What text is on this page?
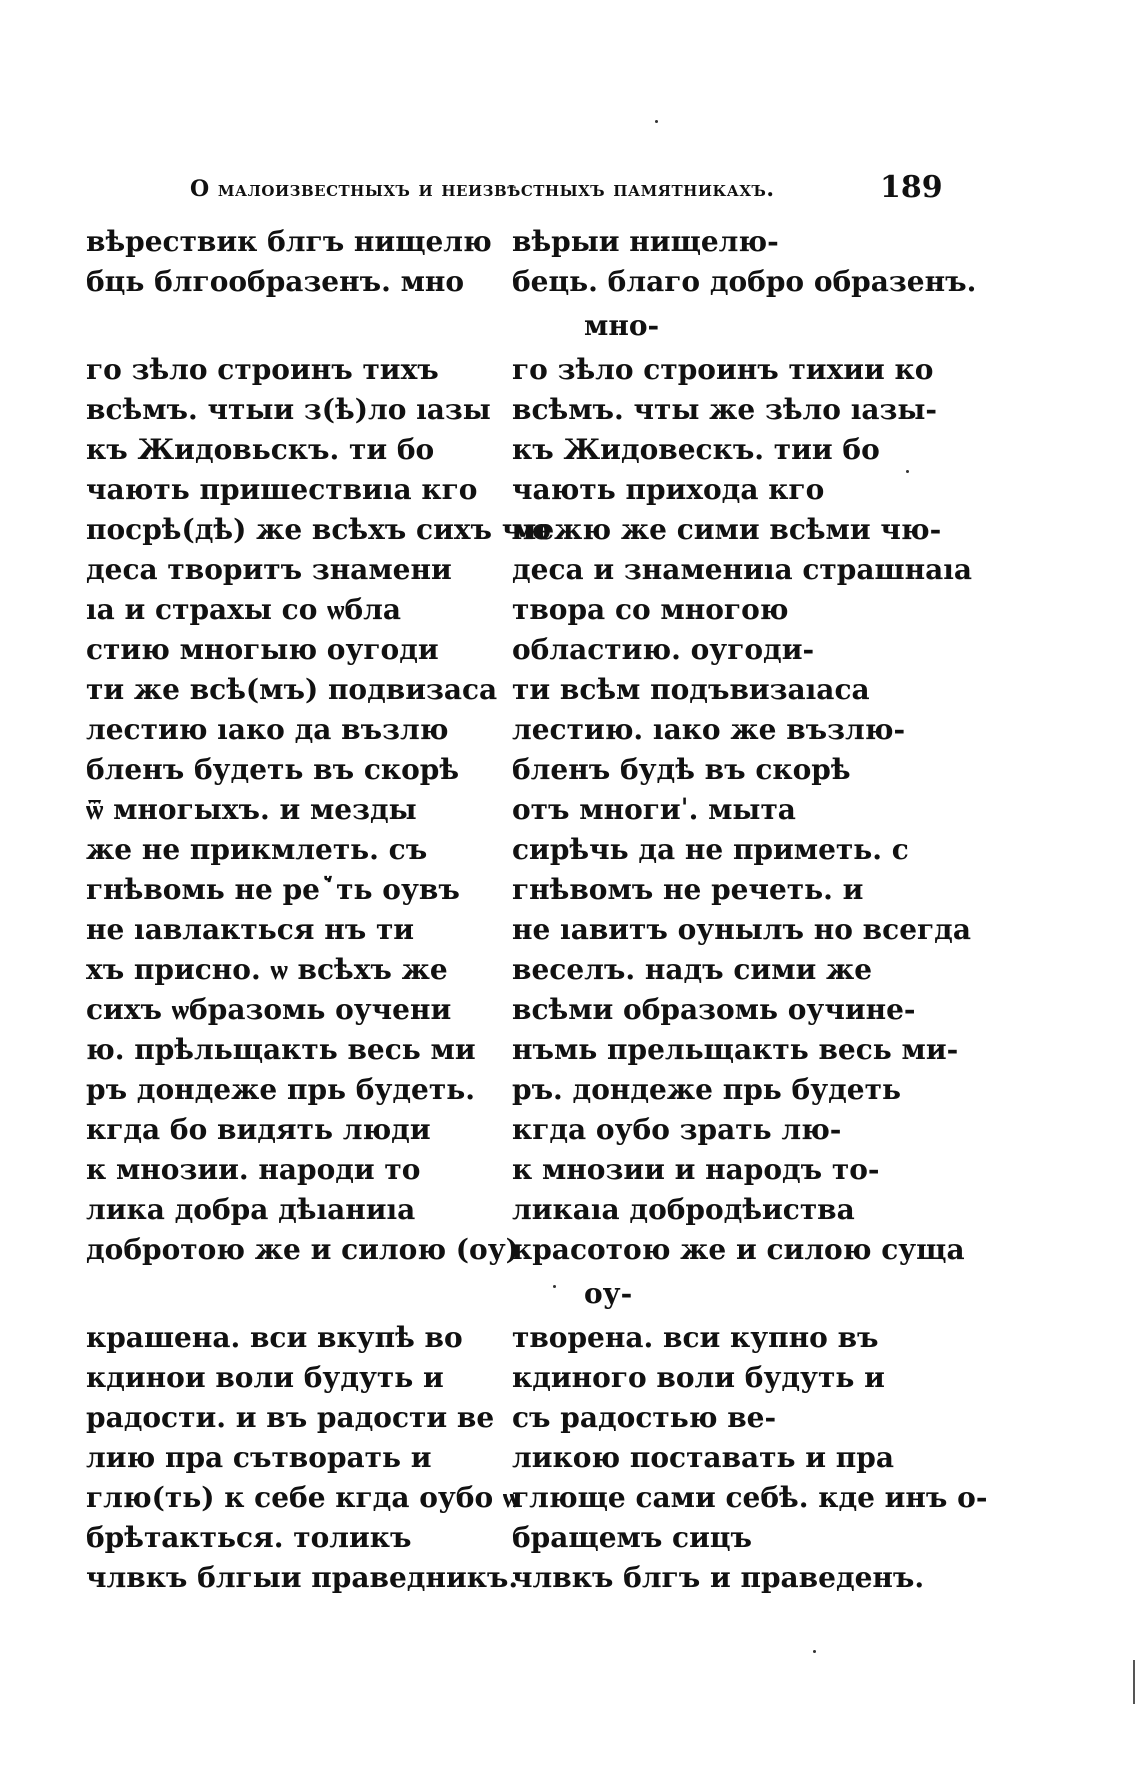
О малоизвестныхъ и неизвѣстныхъ памятникахъ.	189
вѣрествик блгъ нищелю
бць блгообразенъ. мно
го зѣло строинъ тихъ
всѣмъ. чтыи з(ѣ)ло ıазы
къ Жидовьскъ. ти бо
чають пришествиıа кго
посрѣ(дѣ) же всѣхъ сихъ чю
деса творитъ знамени
ıа и страхы со ѡбла
стию многыю оугоди
ти же всѣ(мъ) подвизаса
лестию ıако да възлю
бленъ будеть въ скорѣ
ѿ многыхъ. и мезды
же не прикмлеть. съ
гнѣвомь не реꙿть оувъ
не ıавлакться нъ ти
хъ присно. ѡ всѣхъ же
сихъ ѡбразомь оучени
ю. прѣльщакть весь ми
ръ дондеже прь будеть.
кгда бо видять люди
к мнозии. народи то
лика добра дѣıаниıа
добротою же и силою (оу)
крашена. вси вкупѣ во
кдинои воли будуть и
радости. и въ радости ве
лию пра сътворать и
глю(ть) к себе кгда оубо ѡ
брѣтакться. толикъ
члвкъ блгыи праведникъ.
вѣрыи нищелю-
бець. благо добро образенъ.
мно-
го зѣло строинъ тихии ко
всѣмъ. чты же зѣло ıазы-
къ Жидовескъ. тии бо
чають прихода кго
межю же сими всѣми чю-
деса и знамениıа страшнаıа
твора со многою
областию. оугоди-
ти всѣм подъвизаıаса
лестию. ıако же възлю-
бленъ будѣ въ скорѣ
отъ многиˈ. мыта
сирѣчь да не приметь. с
гнѣвомъ не речеть. и
не ıавитъ оунылъ но всегда
веселъ. надъ сими же
всѣми образомь оучине-
нъмь прельщакть весь ми-
ръ. дондеже прь будеть
кгда оубо зрать лю-
к мнозии и народъ то-
ликаıа добродѣиства
красотою же и силою суща
оу-
творена. вси купно въ
кдиного воли будуть и
съ радостью ве-
ликою поставать и пра
глюще сами себѣ. кде инъ о-
бращемъ сицъ
члвкъ блгъ и праведенъ.
